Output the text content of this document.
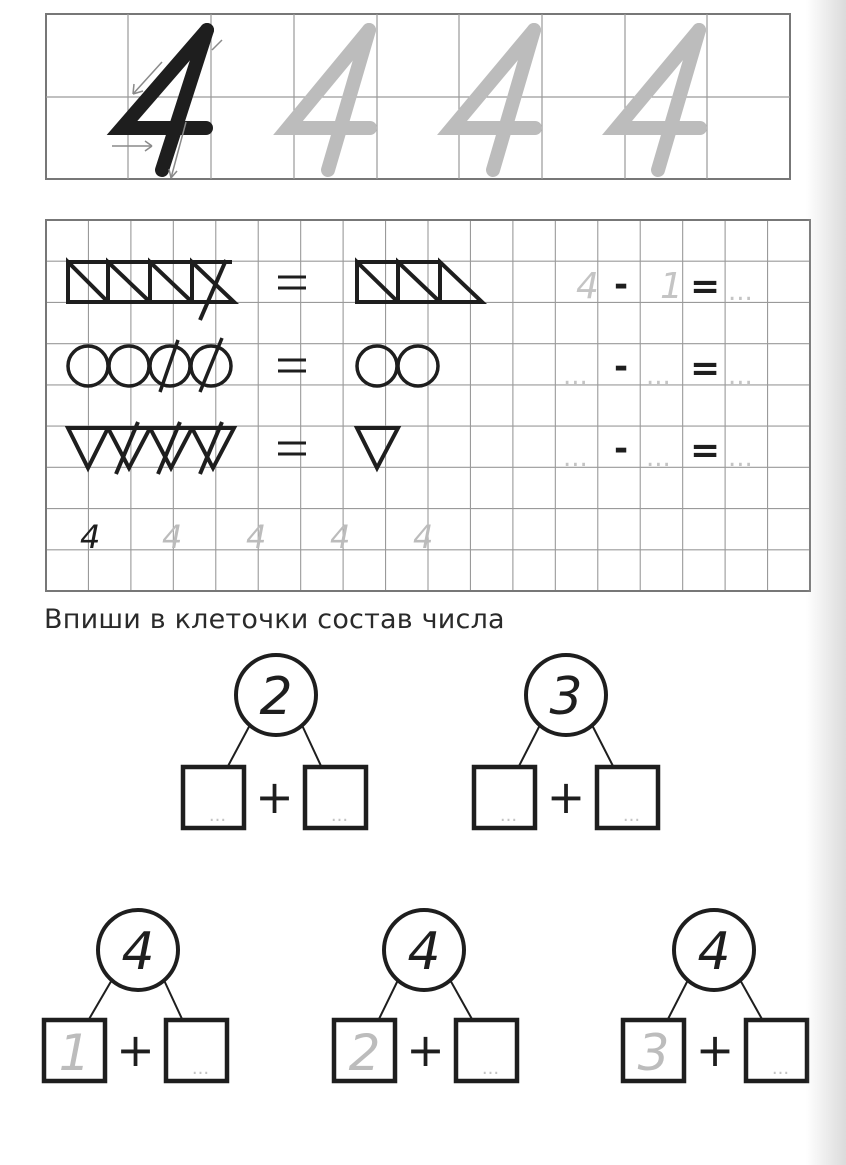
4 - 1 = ...
... - ... = ...
... - ... = ...
4 4 4 4 4
2
... + ...
3
... + ...
4
1 + ...
4
2 + ...
4
3 + ...
Впиши в клеточки состав числа
